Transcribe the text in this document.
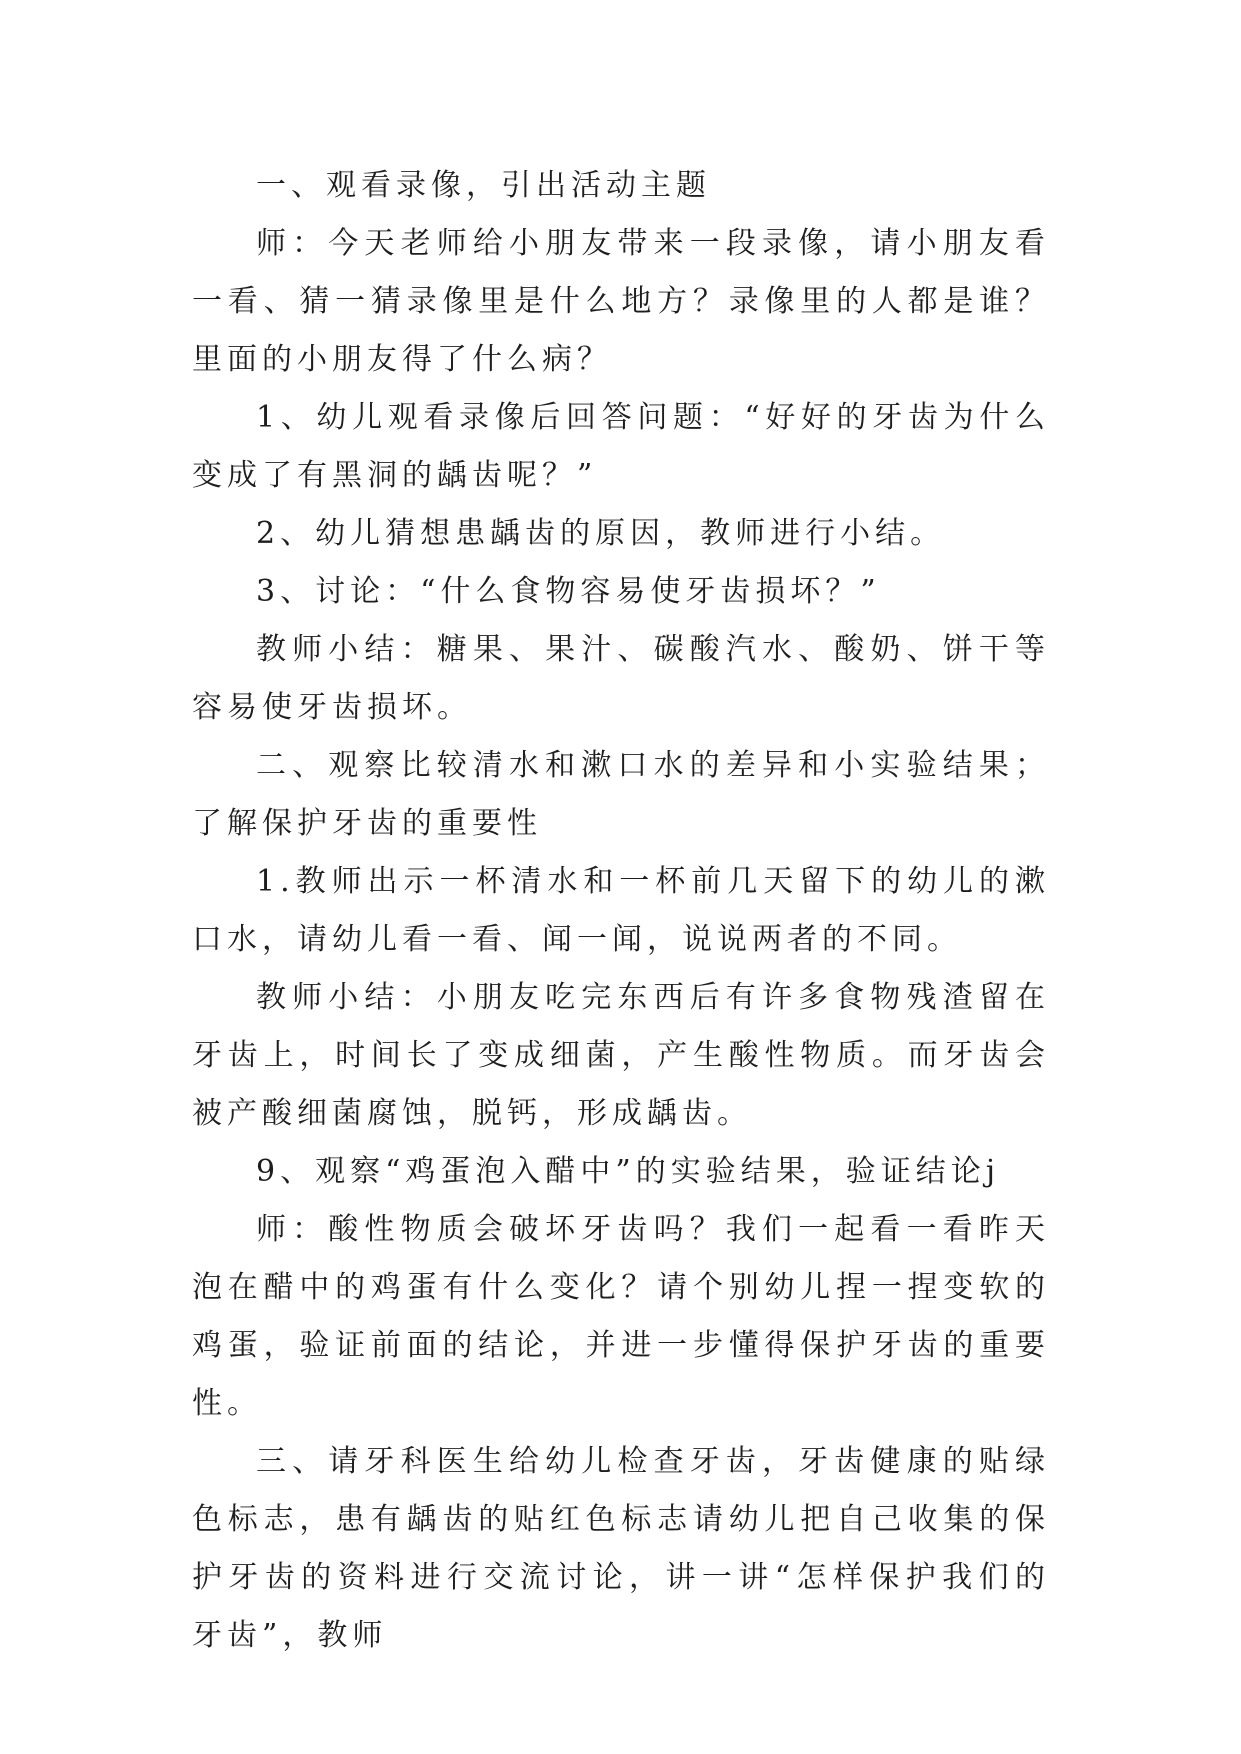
一、观看录像，引出活动主题

师：今天老师给小朋友带来一段录像，请小朋友看一看、猜一猜录像里是什么地方？录像里的人都是谁？里面的小朋友得了什么病？

1、幼儿观看录像后回答问题：“好好的牙齿为什么变成了有黑洞的龋齿呢？”

2、幼儿猜想患龋齿的原因，教师进行小结。

3、讨论：“什么食物容易使牙齿损坏？”

教师小结：糖果、果汁、碳酸汽水、酸奶、饼干等容易使牙齿损坏。

二、观察比较清水和漱口水的差异和小实验结果；了解保护牙齿的重要性

1.教师出示一杯清水和一杯前几天留下的幼儿的漱口水，请幼儿看一看、闻一闻，说说两者的不同。

教师小结：小朋友吃完东西后有许多食物残渣留在牙齿上，时间长了变成细菌，产生酸性物质。而牙齿会被产酸细菌腐蚀，脱钙，形成龋齿。

9、观察“鸡蛋泡入醋中”的实验结果，验证结论j

师：酸性物质会破坏牙齿吗？我们一起看一看昨天泡在醋中的鸡蛋有什么变化？请个别幼儿捏一捏变软的鸡蛋，验证前面的结论，并进一步懂得保护牙齿的重要性。

三、请牙科医生给幼儿检查牙齿，牙齿健康的贴绿色标志，患有龋齿的贴红色标志请幼儿把自己收集的保护牙齿的资料进行交流讨论，讲一讲“怎样保护我们的牙齿”，教师
